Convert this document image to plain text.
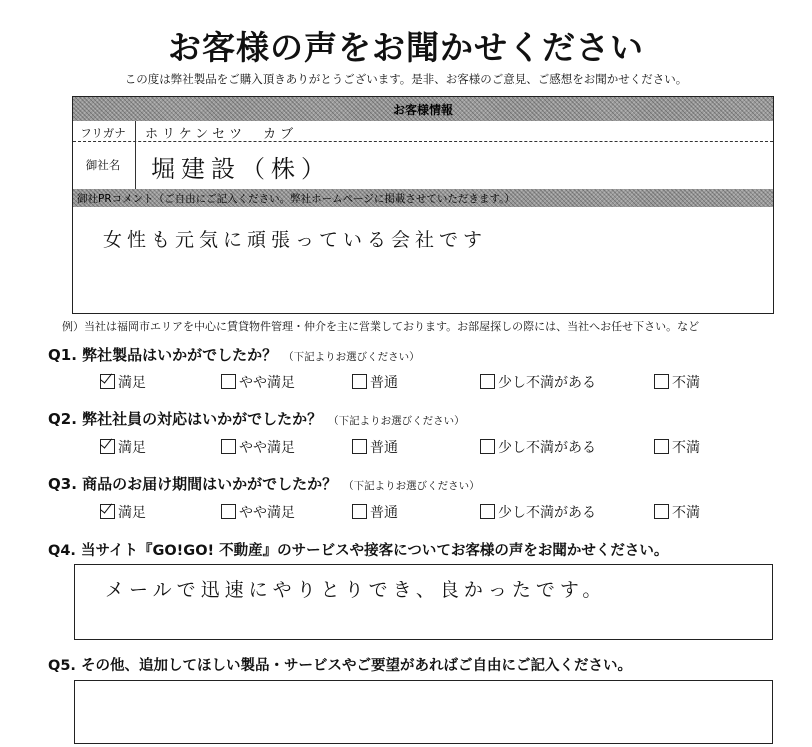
お客様の声をお聞かせください
この度は弊社製品をご購入頂きありがとうございます。是非、お客様のご意見、ご感想をお聞かせください。
お客様情報
フリガナ	ホリケンセツ　カブ
御社名	堀建設（株）
御社PRコメント（ご自由にご記入ください。弊社ホームページに掲載させていただきます。）
女性も元気に頑張っている会社です
例）当社は福岡市エリアを中心に賃貸物件管理・仲介を主に営業しております。お部屋探しの際には、当社へお任せ下さい。など
Q1. 弊社製品はいかがでしたか？ （下記よりお選びください）
満足	やや満足	普通	少し不満がある	不満
Q2. 弊社社員の対応はいかがでしたか？ （下記よりお選びください）
満足	やや満足	普通	少し不満がある	不満
Q3. 商品のお届け期間はいかがでしたか？ （下記よりお選びください）
満足	やや満足	普通	少し不満がある	不満
Q4. 当サイト『GO!GO! 不動産』のサービスや接客についてお客様の声をお聞かせください。
メールで迅速にやりとりでき、良かったです。
Q5. その他、追加してほしい製品・サービスやご要望があればご自由にご記入ください。
